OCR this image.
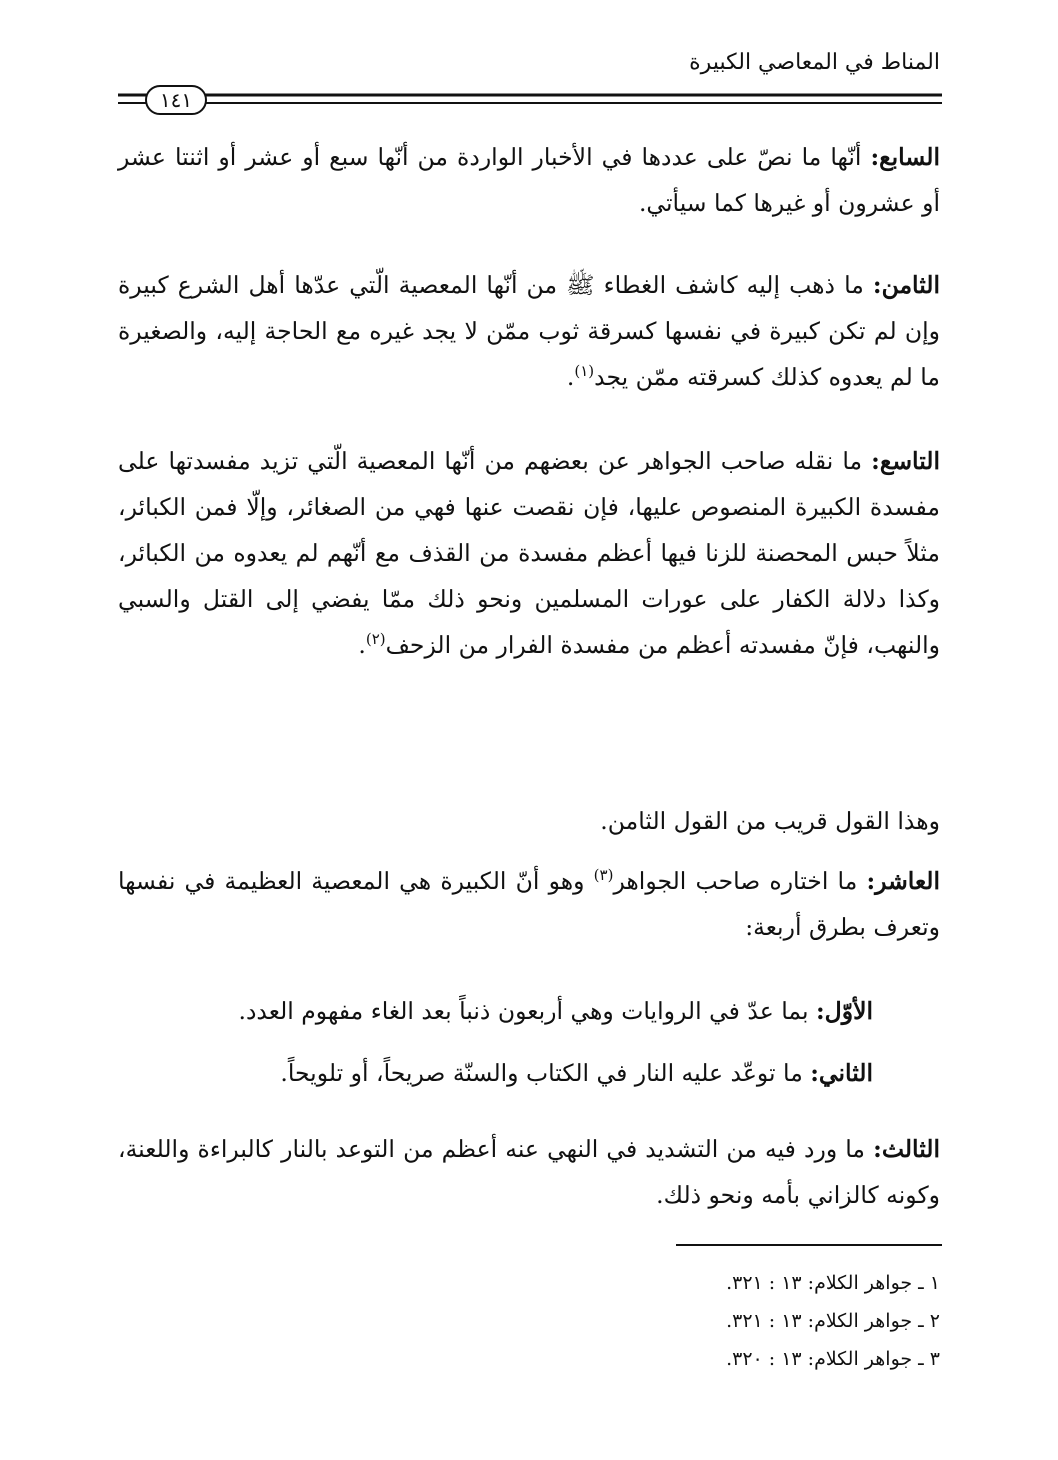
المناط في المعاصي الكبيرة
١٤١
السابع: أنّها ما نصّ على عددها في الأخبار الواردة من أنّها سبع أو عشر أو اثنتا عشر أو عشرون أو غيرها كما سيأتي.
الثامن: ما ذهب إليه كاشف الغطاء ﷺ من أنّها المعصية الّتي عدّها أهل الشرع كبيرة وإن لم تكن كبيرة في نفسها كسرقة ثوب ممّن لا يجد غيره مع الحاجة إليه، والصغيرة ما لم يعدوه كذلك كسرقته ممّن يجد$^{(١)}$.
التاسع: ما نقله صاحب الجواهر عن بعضهم من أنّها المعصية الّتي تزيد مفسدتها على مفسدة الكبيرة المنصوص عليها، فإن نقصت عنها فهي من الصغائر، وإلّا فمن الكبائر، مثلاً حبس المحصنة للزنا فيها أعظم مفسدة من القذف مع أنّهم لم يعدوه من الكبائر، وكذا دلالة الكفار على عورات المسلمين ونحو ذلك ممّا يفضي إلى القتل والسبي والنهب، فإنّ مفسدته أعظم من مفسدة الفرار من الزحف$^{(٢)}$.
وهذا القول قريب من القول الثامن.
العاشر: ما اختاره صاحب الجواهر$^{(٣)}$ وهو أنّ الكبيرة هي المعصية العظيمة في نفسها وتعرف بطرق أربعة:
الأوّل: بما عدّ في الروايات وهي أربعون ذنباً بعد الغاء مفهوم العدد.
الثاني: ما توعّد عليه النار في الكتاب والسنّة صريحاً، أو تلويحاً.
الثالث: ما ورد فيه من التشديد في النهي عنه أعظم من التوعد بالنار كالبراءة واللعنة، وكونه كالزاني بأمه ونحو ذلك.
١ ـ جواهر الكلام: ١٣ : ٣٢١.
٢ ـ جواهر الكلام: ١٣ : ٣٢١.
٣ ـ جواهر الكلام: ١٣ : ٣٢٠.
